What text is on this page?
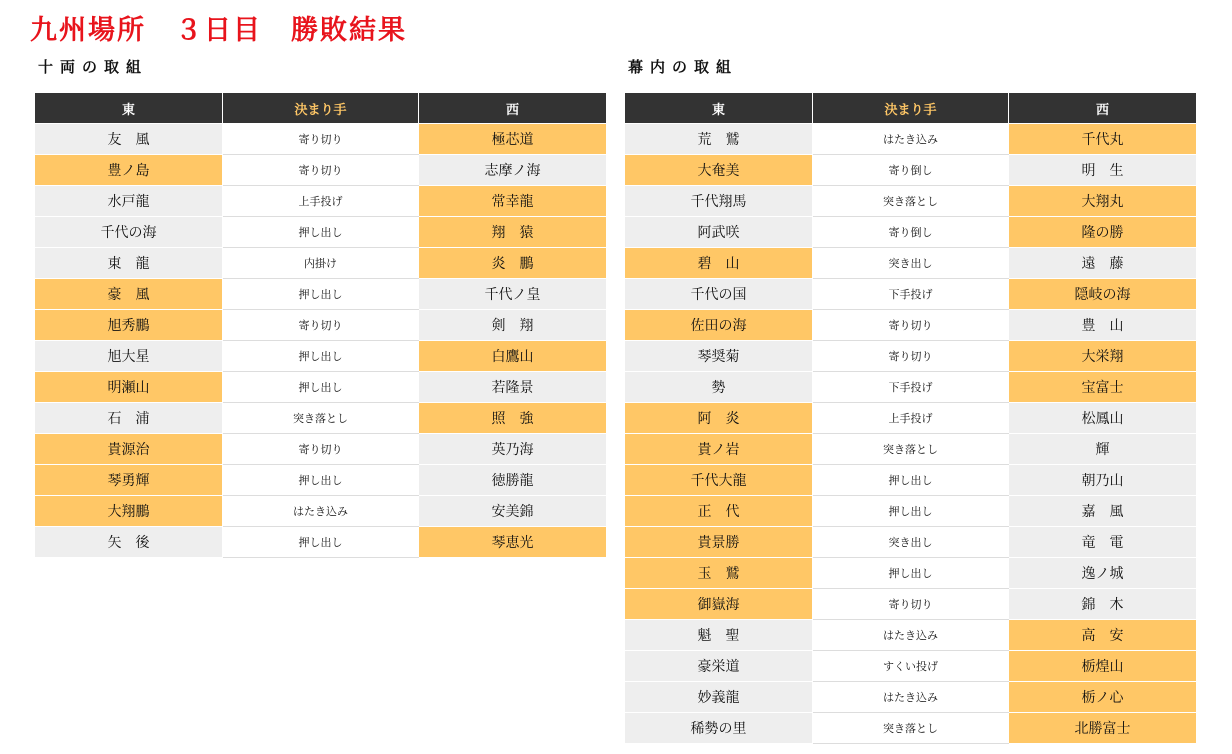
九州場所　３日目　勝敗結果
十両の取組
東	決まり手	西
友　風	寄り切り	極芯道
豊ノ島	寄り切り	志摩ノ海
水戸龍	上手投げ	常幸龍
千代の海	押し出し	翔　猿
東　龍	内掛け	炎　鵬
豪　風	押し出し	千代ノ皇
旭秀鵬	寄り切り	剣　翔
旭大星	押し出し	白鷹山
明瀬山	押し出し	若隆景
石　浦	突き落とし	照　強
貴源治	寄り切り	英乃海
琴勇輝	押し出し	徳勝龍
大翔鵬	はたき込み	安美錦
矢　後	押し出し	琴恵光
幕内の取組
東	決まり手	西
荒　鷲	はたき込み	千代丸
大奄美	寄り倒し	明　生
千代翔馬	突き落とし	大翔丸
阿武咲	寄り倒し	隆の勝
碧　山	突き出し	遠　藤
千代の国	下手投げ	隠岐の海
佐田の海	寄り切り	豊　山
琴奨菊	寄り切り	大栄翔
勢	下手投げ	宝富士
阿　炎	上手投げ	松鳳山
貴ノ岩	突き落とし	輝
千代大龍	押し出し	朝乃山
正　代	押し出し	嘉　風
貴景勝	突き出し	竜　電
玉　鷲	押し出し	逸ノ城
御嶽海	寄り切り	錦　木
魁　聖	はたき込み	高　安
豪栄道	すくい投げ	栃煌山
妙義龍	はたき込み	栃ノ心
稀勢の里	突き落とし	北勝富士
